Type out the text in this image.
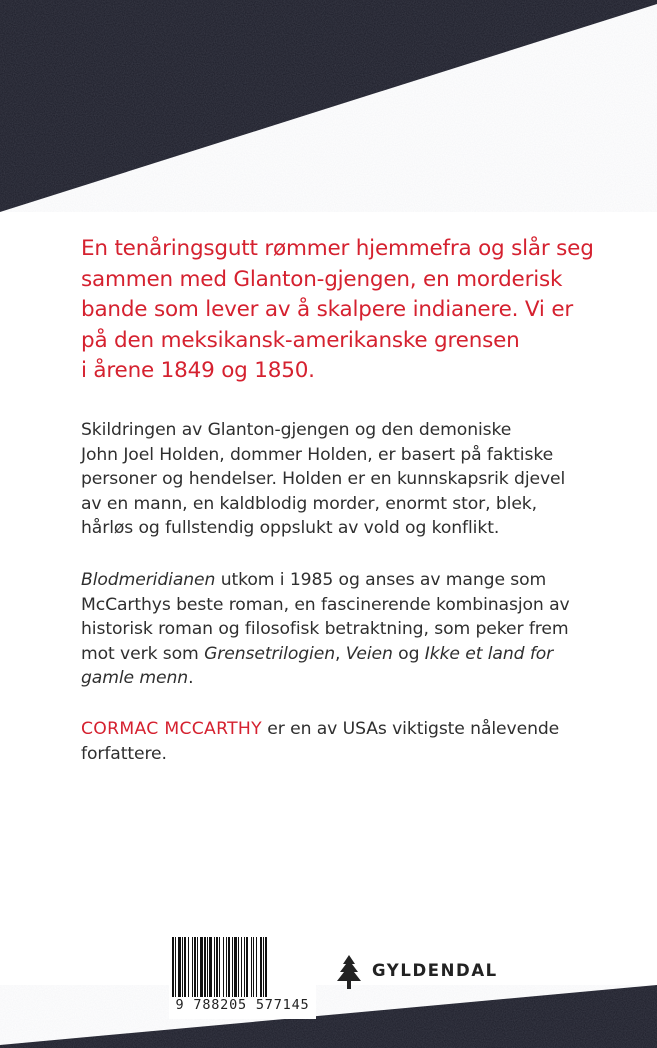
En tenåringsgutt rømmer hjemmefra og slår seg
sammen med Glanton-gjengen, en morderisk
bande som lever av å skalpere indianere. Vi er
på den meksikansk-amerikanske grensen
i årene 1849 og 1850.
Skildringen av Glanton-gjengen og den demoniske
John Joel Holden, dommer Holden, er basert på faktiske
personer og hendelser. Holden er en kunnskapsrik djevel
av en mann, en kaldblodig morder, enormt stor, blek,
hårløs og fullstendig oppslukt av vold og konflikt.
Blodmeridianen utkom i 1985 og anses av mange som
McCarthys beste roman, en fascinerende kombinasjon av
historisk roman og filosofisk betraktning, som peker frem
mot verk som Grensetrilogien, Veien og Ikke et land for
gamle menn.
CORMAC MCCARTHY er en av USAs viktigste nålevende
forfattere.
9 788205 577145
GYLDENDAL
